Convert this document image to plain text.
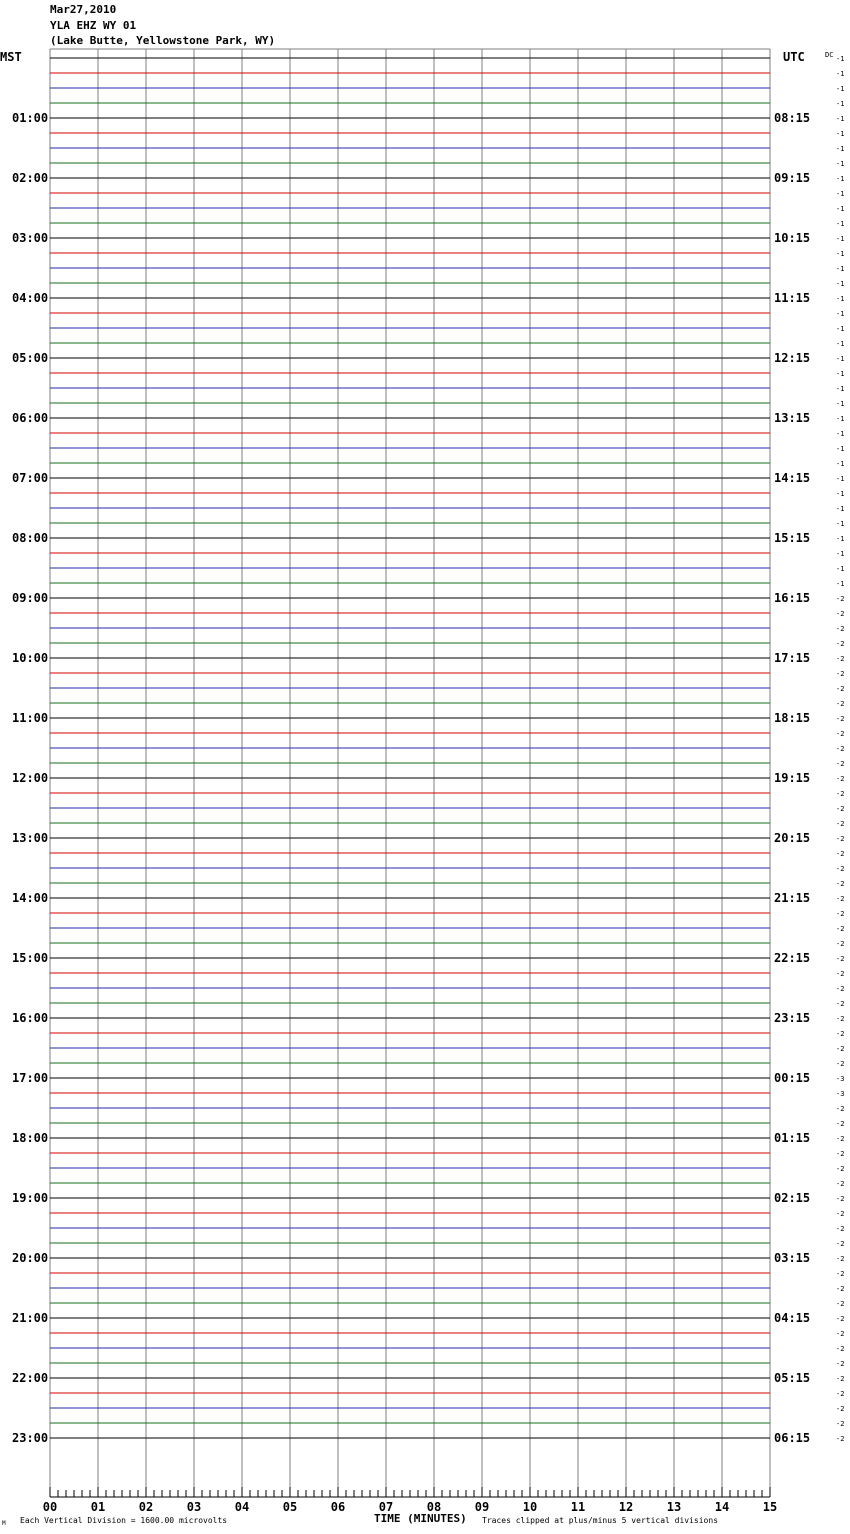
Mar27,2010
YLA EHZ WY 01
(Lake Butte, Yellowstone Park, WY)
01:00
02:00
03:00
04:00
05:00
06:00
07:00
08:00
09:00
10:00
11:00
12:00
13:00
14:00
15:00
16:00
17:00
18:00
19:00
20:00
21:00
22:00
23:00
08:15
09:15
10:15
11:15
12:15
13:15
14:15
15:15
16:15
17:15
18:15
19:15
20:15
21:15
22:15
23:15
00:15
01:15
02:15
03:15
04:15
05:15
06:15
-1
-1
-1
-1
-1
-1
-1
-1
-1
-1
-1
-1
-1
-1
-1
-1
-1
-1
-1
-1
-1
-1
-1
-1
-1
-1
-1
-1
-1
-1
-1
-1
-1
-1
-1
-1
-2
-2
-2
-2
-2
-2
-2
-2
-2
-2
-2
-2
-2
-2
-2
-2
-2
-2
-2
-2
-2
-2
-2
-2
-2
-2
-2
-2
-2
-2
-2
-2
-3
-3
-2
-2
-2
-2
-2
-2
-2
-2
-2
-2
-2
-2
-2
-2
-2
-2
-2
-2
-2
-2
-2
-2
-2
00	01	02	03	04	05	06	07	08	09	10	11	12	13	14	15
MST	UTC	DC
M Each Vertical Division = 1600.00 microvolts	TIME (MINUTES) Traces clipped at plus/minus 5 vertical divisions
